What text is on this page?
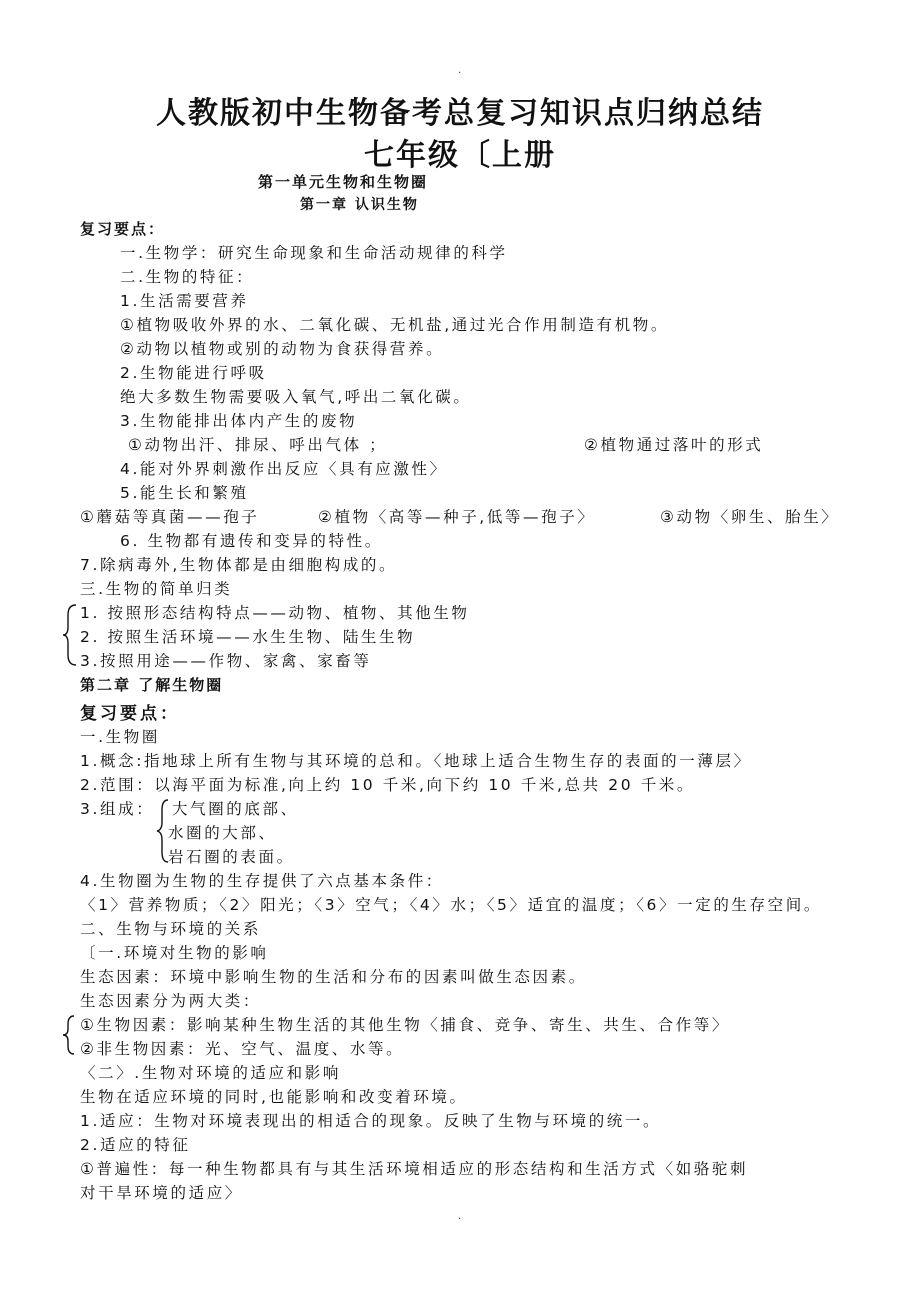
.
人教版初中生物备考总复习知识点归纳总结
七年级〔上册
第一单元生物和生物圈
第一章 认识生物
复习要点：
一.生物学：研究生命现象和生命活动规律的科学
二.生物的特征：
1.生活需要营养
①植物吸收外界的水、二氧化碳、无机盐,通过光合作用制造有机物。
②动物以植物或别的动物为食获得营养。
2.生物能进行呼吸
绝大多数生物需要吸入氧气,呼出二氧化碳。
3.生物能排出体内产生的废物
①动物出汗、排尿、呼出气体 ；	②植物通过落叶的形式
4.能对外界刺激作出反应〈具有应激性〉
5.能生长和繁殖
①蘑菇等真菌——孢子	②植物〈高等—种子,低等—孢子〉	③动物〈卵生、胎生〉
6. 生物都有遗传和变异的特性。
7.除病毒外,生物体都是由细胞构成的。
三.生物的简单归类
1. 按照形态结构特点——动物、植物、其他生物
2. 按照生活环境——水生生物、陆生生物
3.按照用途——作物、家禽、家畜等
第二章 了解生物圈
复习要点：
一.生物圈
1.概念:指地球上所有生物与其环境的总和。〈地球上适合生物生存的表面的一薄层〉
2.范围：以海平面为标准,向上约 10 千米,向下约 10 千米,总共 20 千米。
3.组成： 大气圈的底部、
水圈的大部、
岩石圈的表面。
4.生物圈为生物的生存提供了六点基本条件：
〈1〉营养物质；〈2〉阳光；〈3〉空气；〈4〉水；〈5〉适宜的温度；〈6〉一定的生存空间。
二、生物与环境的关系
〔一.环境对生物的影响
生态因素：环境中影响生物的生活和分布的因素叫做生态因素。
生态因素分为两大类：
①生物因素：影响某种生物生活的其他生物〈捕食、竞争、寄生、共生、合作等〉
②非生物因素：光、空气、温度、水等。
〈二〉.生物对环境的适应和影响
生物在适应环境的同时,也能影响和改变着环境。
1.适应：生物对环境表现出的相适合的现象。反映了生物与环境的统一。
2.适应的特征
①普遍性：每一种生物都具有与其生活环境相适应的形态结构和生活方式〈如骆驼刺
对干旱环境的适应〉
.
